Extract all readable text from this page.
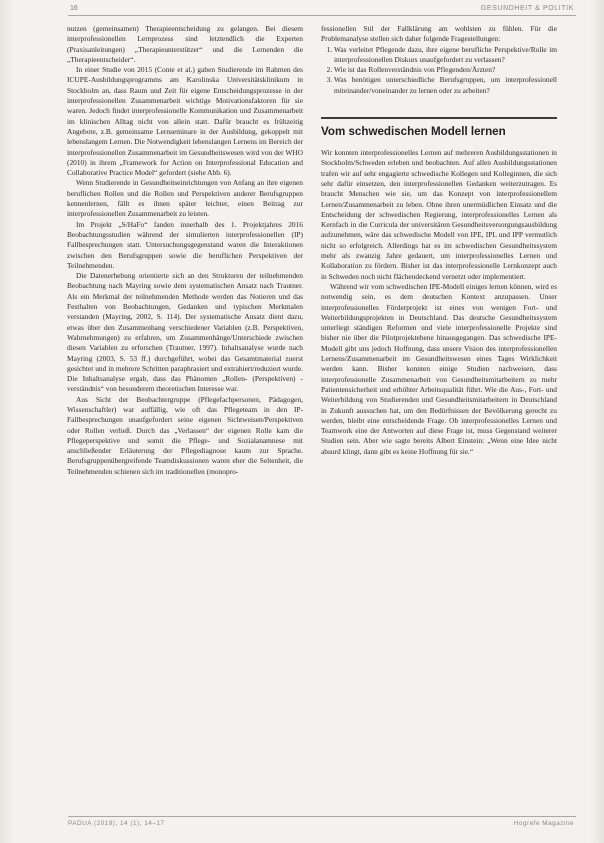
16	GESUNDHEIT & POLITIK

nutzen (gemeinsamen) Therapieentscheidung zu gelangen. Bei diesem interprofessionellen Lernprozess sind letztendlich die Experten (Praxisanleitungen) „Therapieunterstützer“ und die Lernenden die „Therapieentscheider“.

In einer Studie von 2015 (Conte et al.) gaben Studierende im Rahmen des ICUPE-Ausbildungsprogramms am Karolinska Universitätsklinikum in Stockholm an, dass Raum und Zeit für eigene Entscheidungsprozesse in der interprofessionellen Zusammenarbeit wichtige Motivationsfaktoren für sie waren. Jedoch findet interprofessionelle Kommunikation und Zusammenarbeit im klinischen Alltag nicht von allein statt. Dafür braucht es frühzeitig Angebote, z.B. gemeinsame Lernseminare in der Ausbildung, gekoppelt mit lebenslangem Lernen. Die Notwendigkeit lebenslangen Lernens im Bereich der interprofessionellen Zusammenarbeit im Gesundheitswesen wird von der WHO (2010) in ihrem „Framework for Action on Interprofessional Education and Collaborative Practice Model“ gefordert (siehe Abb. 6).

Wenn Studierende in Gesundheitseinrichtungen von Anfang an ihre eigenen beruflichen Rollen und die Rollen und Perspektiven anderer Berufsgruppen kennenlernen, fällt es ihnen später leichter, einen Beitrag zur interprofessionellen Zusammenarbeit zu leisten.

Im Projekt „S/HaFo“ fanden innerhalb des 1. Projektjahres 2016 Beobachtungsstudien während der simulierten interprofessionellen (IP) Fallbesprechungen statt. Untersuchungsgegenstand waren die Interaktionen zwischen den Berufsgruppen sowie die beruflichen Perspektiven der Teilnehmenden.

Die Datenerhebung orientierte sich an den Strukturen der teilnehmenden Beobachtung nach Mayring sowie dem systematischen Ansatz nach Trautner. Als ein Merkmal der teilnehmenden Methode werden das Notieren und das Festhalten von Beobachtungen, Gedanken und typischen Merkmalen verstanden (Mayring, 2002, S. 114). Der systematische Ansatz dient dazu, etwas über den Zusammenhang verschiedener Variablen (z.B. Perspektiven, Wahrnehmungen) zu erfahren, um Zusammenhänge/Unterschiede zwischen diesen Variablen zu erforschen (Trautner, 1997). Inhaltsanalyse wurde nach Mayring (2003, S. 53 ff.) durchgeführt, wobei das Gesamtmaterial zuerst gesichtet und in mehrere Schritten paraphrasiert und extrahiert/reduziert wurde. Die Inhaltsanalyse ergab, dass das Phänomen „Rollen- (Perspektiven) -verständnis“ von besonderem theoretischen Interesse war.

Aus Sicht der Beobachtergruppe (Pflegefachpersonen, Pädagogen, Wissenschaftler) war auffällig, wie oft das Pflegeteam in den IP-Fallbesprechungen unaufgefordert seine eigenen Sichtweisen/Perspektiven oder Rollen verließ. Durch das „Verlassen“ der eigenen Rolle kam die Pflegeperspektive und somit die Pflege- und Sozialanamnese mit anschließender Erläuterung der Pflegediagnose kaum zur Sprache. Berufsgruppenübergreifende Teamdiskussionen waren eher die Seltenheit, die Teilnehmenden schienen sich im traditionellen (monopro-

fessionellen Stil der Fallklärung am wohlsten zu fühlen. Für die Problemanalyse stellen sich daher folgende Fragestellungen:

1. Was verleitet Pflegende dazu, ihre eigene berufliche Perspektive/Rolle im interprofessionellen Diskurs unaufgefordert zu verlassen?
2. Wie ist das Rollenverständnis von Pflegenden/Ärzten?
3. Was benötigen unterschiedliche Berufsgruppen, um interprofessionell miteinander/voneinander zu lernen oder zu arbeiten?
Vom schwedischen Modell lernen

Wir konnten interprofessionelles Lernen auf mehreren Ausbildungsstationen in Stockholm/Schweden erleben und beobachten. Auf allen Ausbildungsstationen trafen wir auf sehr engagierte schwedische Kollegen und Kolleginnen, die sich sehr dafür einsetzen, den interprofessionellen Gedanken weiterzutragen. Es braucht Menschen wie sie, um das Konzept von interprofessionellem Lernen/Zusammenarbeit zu leben. Ohne ihren unermüdlichen Einsatz und die Entscheidung der schwedischen Regierung, interprofessionelles Lernen als Kernfach in die Curricula der universitären Gesundheitsversorgungsausbildung aufzunehmen, wäre das schwedische Modell von IPE, IPL und IPP vermutlich nicht so erfolgreich. Allerdings hat es im schwedischen Gesundheitssystem mehr als zwanzig Jahre gedauert, um interprofessionelles Lernen und Kollaboration zu fördern. Bisher ist das interprofessionelle Lernkonzept auch in Schweden noch nicht flächendeckend vernetzt oder implementiert.

Während wir vom schwedischen IPE-Modell einiges lernen können, wird es notwendig sein, es dem deutschen Kontext anzupassen. Unser interprofessionelles Förderprojekt ist eines von wenigen Fort- und Weiterbildungsprojekten in Deutschland. Das deutsche Gesundheitssystem unterliegt ständigen Reformen und viele interprofessionelle Projekte sind bisher nie über die Pilotprojektebene hinausgegangen. Das schwedische IPE-Modell gibt uns jedoch Hoffnung, dass unsere Vision des interprofessionellen Lernens/Zusammenarbeit im Gesundheitswesen eines Tages Wirklichkeit werden kann. Bisher konnten einige Studien nachweisen, dass interprofessionelle Zusammenarbeit von Gesundheitsmitarbeitern zu mehr Patientensicherheit und erhöhter Arbeitsqualität führt. Wie die Aus-, Fort- und Weiterbildung von Studierenden und Gesundheitsmitarbeitern in Deutschland in Zukunft aussuchen hat, um den Bedürfnissen der Bevölkerung gerecht zu werden, bleibt eine entscheidende Frage. Ob interprofessionelles Lernen und Teamwork eine der Antworten auf diese Frage ist, muss Gegenstand weiterer Studien sein. Aber wie sagte bereits Albert Einstein: „Wenn eine Idee nicht absurd klingt, dann gibt es keine Hoffnung für sie.“

PADUA (2019), 14 (1), 14–17	Hogrefe Magazine
